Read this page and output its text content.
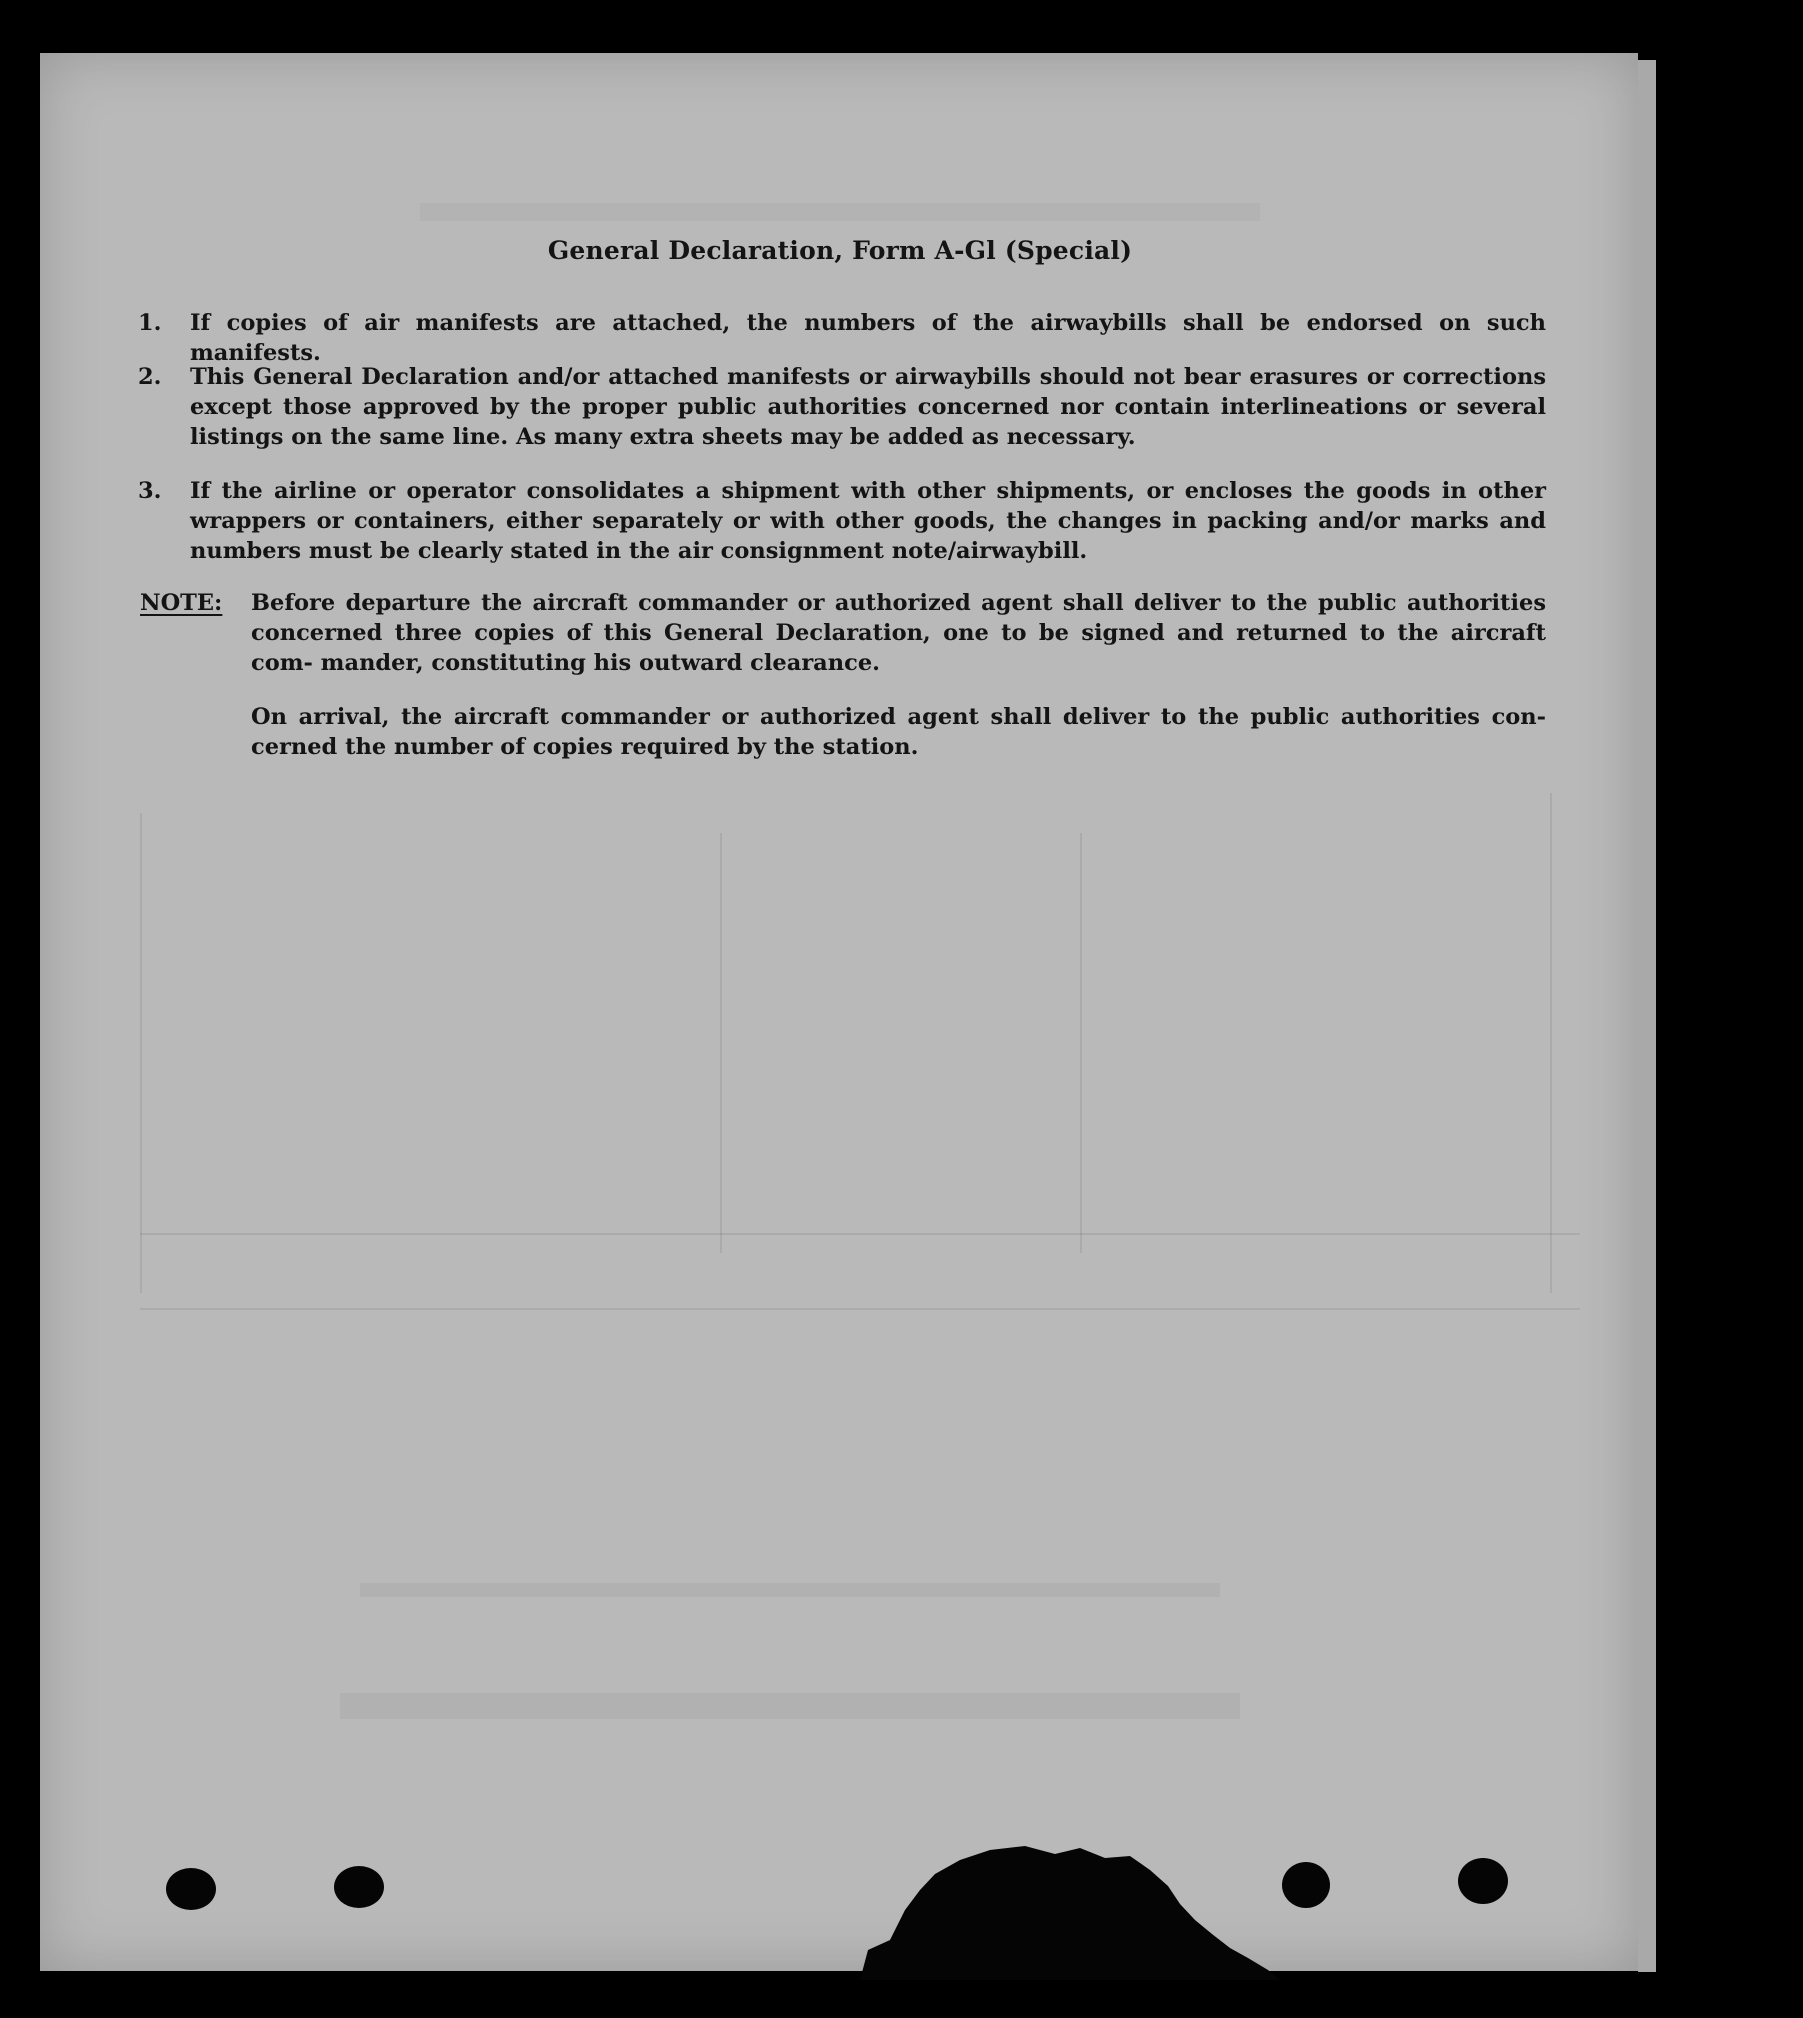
General Declaration, Form A-Gl (Special)
1. If copies of air manifests are attached, the numbers of the airwaybills shall be endorsed on such manifests.
2. This General Declaration and/or attached manifests or airwaybills should not bear erasures or corrections except those approved by the proper public authorities concerned nor contain interlineations or several listings on the same line. As many extra sheets may be added as necessary.
3. If the airline or operator consolidates a shipment with other shipments, or encloses the goods in other wrappers or containers, either separately or with other goods, the changes in packing and/or marks and numbers must be clearly stated in the air consignment note/airwaybill.
NOTE: Before departure the aircraft commander or authorized agent shall deliver to the public authorities concerned three copies of this General Declaration, one to be signed and returned to the aircraft com- mander, constituting his outward clearance.
On arrival, the aircraft commander or authorized agent shall deliver to the public authorities con- cerned the number of copies required by the station.
